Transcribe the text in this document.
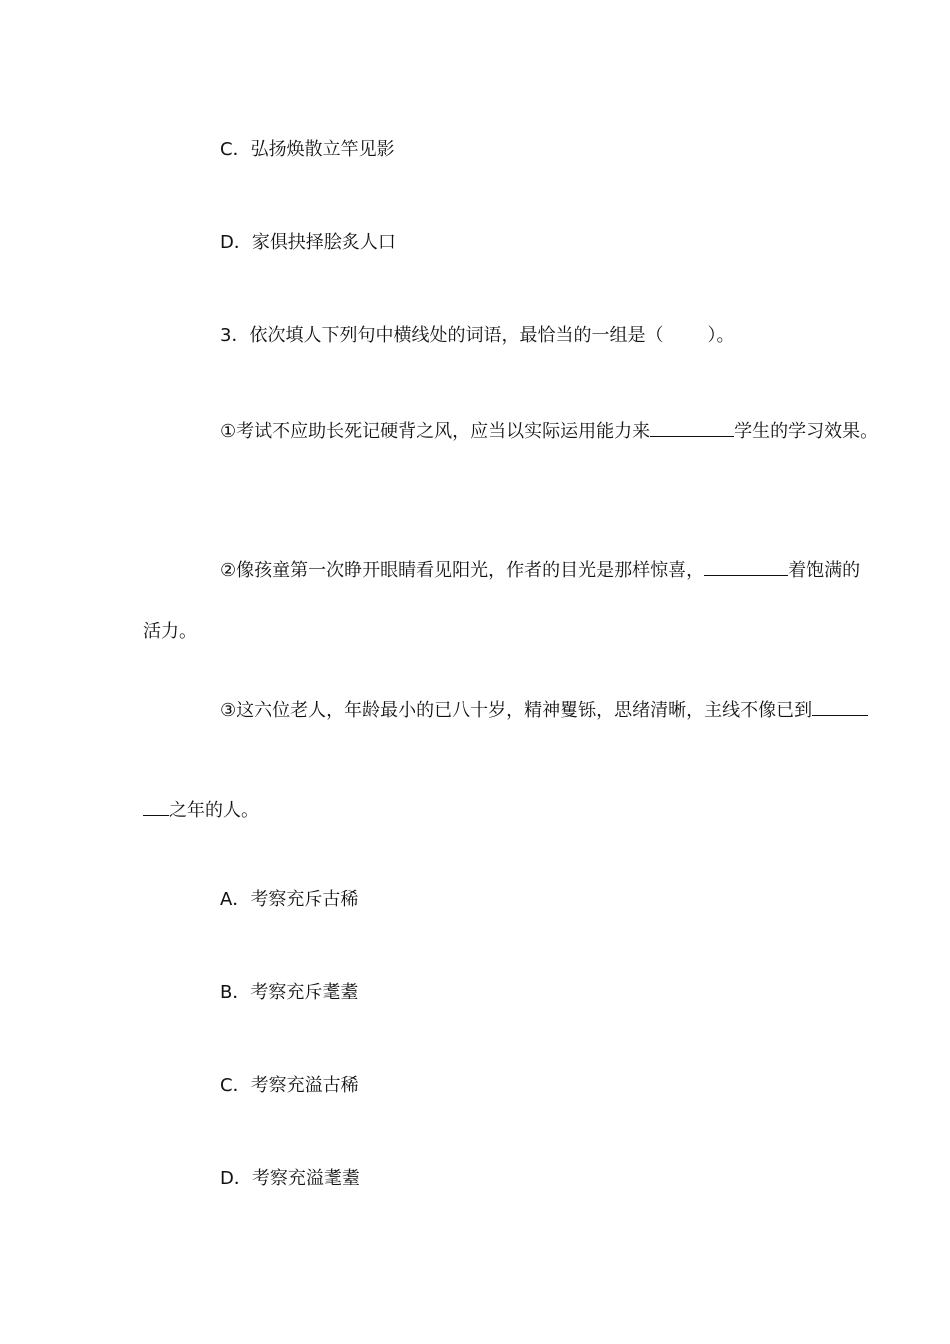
C．弘扬焕散立竿见影
D．家俱抉择脍炙人口
3．依次填人下列句中横线处的词语，最恰当的一组是（ ）。
①考试不应助长死记硬背之风，应当以实际运用能力来	学生的学习效果。
②像孩童第一次睁开眼睛看见阳光，作者的目光是那样惊喜，	着饱满的
活力。
③这六位老人，年龄最小的已八十岁，精神矍铄，思绪清晰，主线不像已到
之年的人。
A．考察充斥古稀
B．考察充斥耄耋
C．考察充溢古稀
D．考察充溢耄耋
